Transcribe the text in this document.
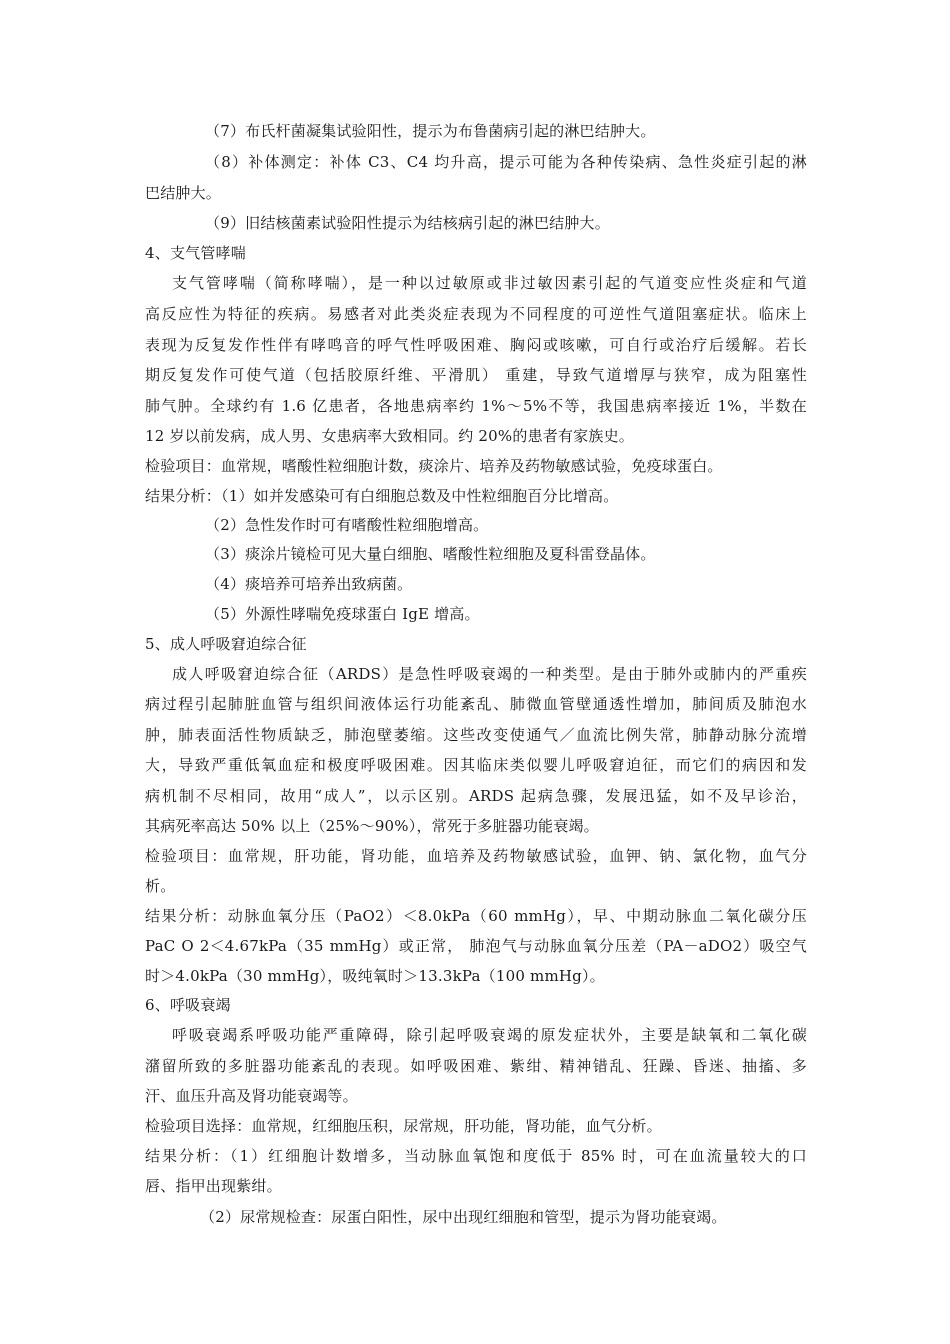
（7）布氏杆菌凝集试验阳性，提示为布鲁菌病引起的淋巴结肿大。
（8）补体测定：补体 C3、C4 均升高，提示可能为各种传染病、急性炎症引起的淋
巴结肿大。
（9）旧结核菌素试验阳性提示为结核病引起的淋巴结肿大。
4、支气管哮喘
支气管哮喘（简称哮喘），是一种以过敏原或非过敏因素引起的气道变应性炎症和气道
高反应性为特征的疾病。易感者对此类炎症表现为不同程度的可逆性气道阻塞症状。临床上
表现为反复发作性伴有哮鸣音的呼气性呼吸困难、胸闷或咳嗽，可自行或治疗后缓解。若长
期反复发作可使气道（包括胶原纤维、平滑肌） 重建，导致气道增厚与狭窄，成为阻塞性
肺气肿。全球约有 1.6 亿患者，各地患病率约 1%～5%不等，我国患病率接近 1%，半数在
12 岁以前发病，成人男、女患病率大致相同。约 20%的患者有家族史。
检验项目：血常规，嗜酸性粒细胞计数，痰涂片、培养及药物敏感试验，免疫球蛋白。
结果分析：（1）如并发感染可有白细胞总数及中性粒细胞百分比增高。
（2）急性发作时可有嗜酸性粒细胞增高。
（3）痰涂片镜检可见大量白细胞、嗜酸性粒细胞及夏科雷登晶体。
（4）痰培养可培养出致病菌。
（5）外源性哮喘免疫球蛋白 IgE 增高。
5、成人呼吸窘迫综合征
成人呼吸窘迫综合征（ARDS）是急性呼吸衰竭的一种类型。是由于肺外或肺内的严重疾
病过程引起肺脏血管与组织间液体运行功能紊乱、肺微血管壁通透性增加，肺间质及肺泡水
肿，肺表面活性物质缺乏，肺泡壁萎缩。这些改变使通气／血流比例失常，肺静动脉分流增
大，导致严重低氧血症和极度呼吸困难。因其临床类似婴儿呼吸窘迫征，而它们的病因和发
病机制不尽相同，故用“成人”，以示区别。ARDS 起病急骤，发展迅猛，如不及早诊治，
其病死率高达 50% 以上（25%～90%），常死于多脏器功能衰竭。
检验项目：血常规，肝功能，肾功能，血培养及药物敏感试验，血钾、钠、氯化物，血气分
析。
结果分析：动脉血氧分压（PaO2）＜8.0kPa（60 mmHg），早、中期动脉血二氧化碳分压
PaC O 2＜4.67kPa（35 mmHg）或正常， 肺泡气与动脉血氧分压差（PA－aDO2）吸空气
时＞4.0kPa（30 mmHg），吸纯氧时＞13.3kPa（100 mmHg）。
6、呼吸衰竭
呼吸衰竭系呼吸功能严重障碍，除引起呼吸衰竭的原发症状外，主要是缺氧和二氧化碳
潴留所致的多脏器功能紊乱的表现。如呼吸困难、紫绀、精神错乱、狂躁、昏迷、抽搐、多
汗、血压升高及肾功能衰竭等。
检验项目选择：血常规，红细胞压积，尿常规，肝功能，肾功能，血气分析。
结果分析：（1）红细胞计数增多，当动脉血氧饱和度低于 85% 时，可在血流量较大的口
唇、指甲出现紫绀。
（2）尿常规检查：尿蛋白阳性，尿中出现红细胞和管型，提示为肾功能衰竭。
